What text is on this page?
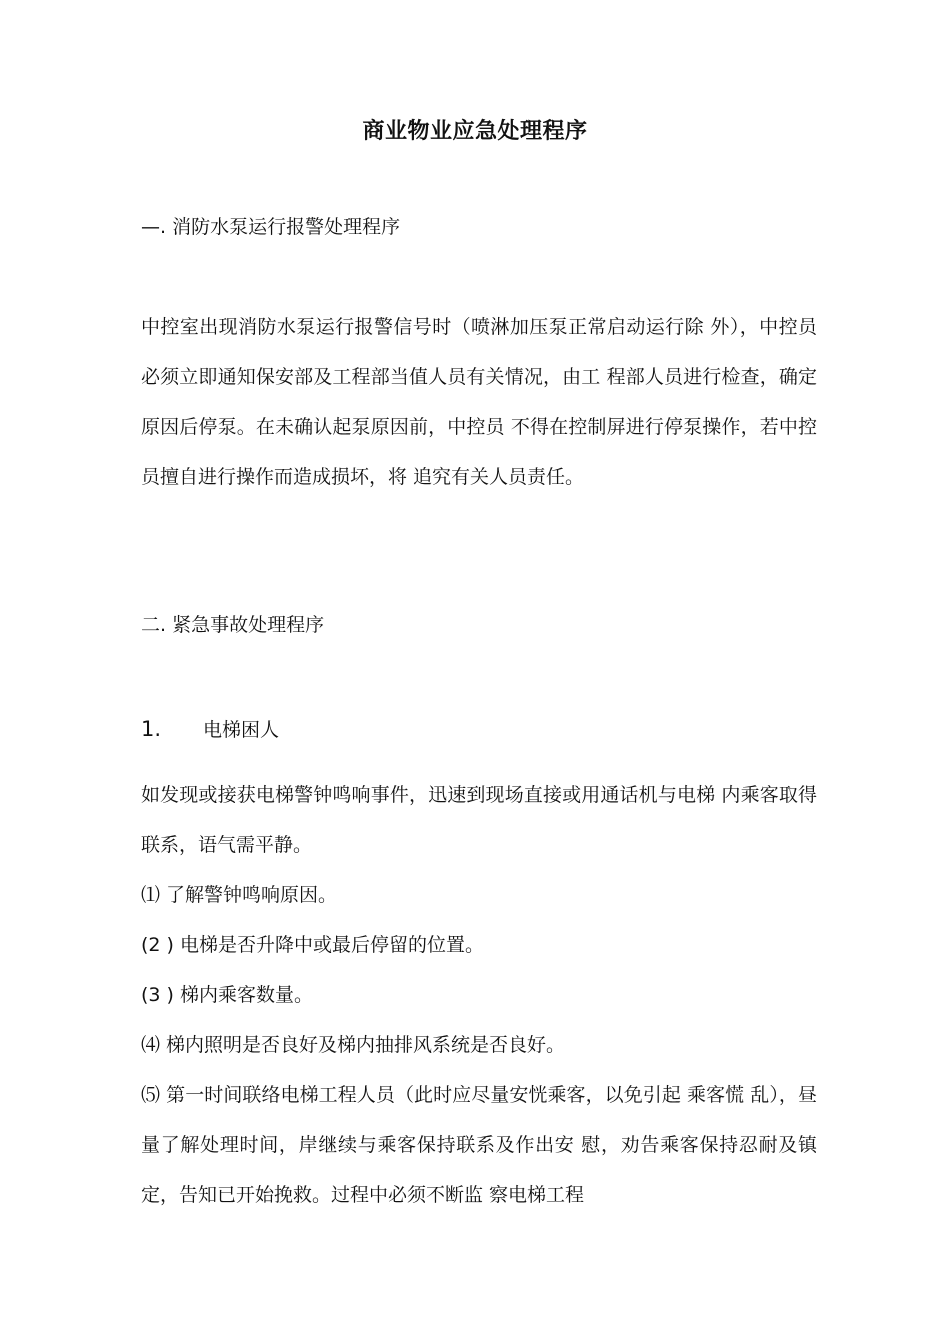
商业物业应急处理程序
—. 消防水泵运行报警处理程序
中控室出现消防水泵运行报警信号时（喷淋加压泵正常启动运行除 外），中控员必须立即通知保安部及工程部当值人员有关情况，由工 程部人员进行检查，确定原因后停泵。在未确认起泵原因前，中控员 不得在控制屏进行停泵操作，若中控员擅自进行操作而造成损坏，将 追究有关人员责任。
二. 紧急事故处理程序
1. 电梯困人
如发现或接获电梯警钟鸣响事件，迅速到现场直接或用通话机与电梯 内乘客取得联系，语气需平静。
⑴ 了解警钟鸣响原因。
(2 ) 电梯是否升降中或最后停留的位置。
(3 ) 梯内乘客数量。
⑷ 梯内照明是否良好及梯内抽排风系统是否良好。
⑸ 第一时间联络电梯工程人员（此时应尽量安恍乘客，以免引起 乘客慌 乱），昼量了解处理时间，岸继续与乘客保持联系及作出安 慰，劝告乘客保持忍耐及镇定，告知已开始挽救。过程中必须不断监 察电梯工程
